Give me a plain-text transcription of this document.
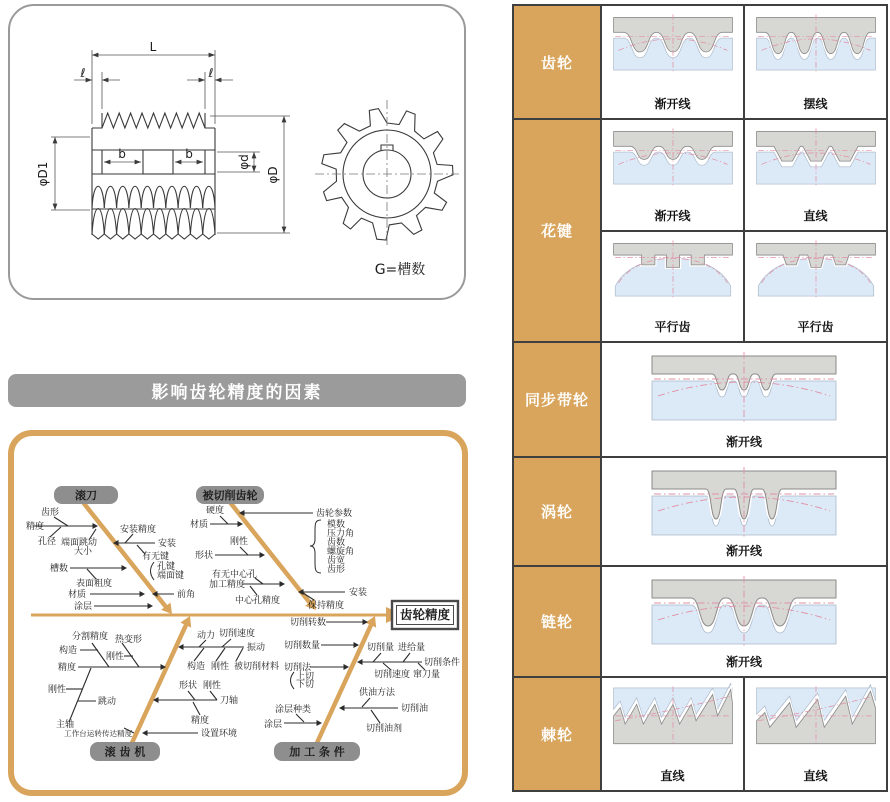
L
ℓ	ℓ
b	b
φD1	φd
φD
G=槽数
影响齿轮精度的因素
齿形
精度
孔径 端面跳动
大小
安装精度
安装
有无键
孔键
端面键
槽数
表面粗度
材质	前角
涂层
硬度
材质
齿轮参数
模数
压力角
齿数
螺旋角
齿宽
齿形
刚性
形状
有无中心孔
加工精度
中心孔精度
安装
保持精度
分割精度
构造
热变形
刚性
精度
刚性
跳动
主轴
工作台运转传达精度
动力 切削速度
振动
构造 刚性 被切削材料
形状 刚性
刀轴
精度
设置环境
切削转数
切削数量
切削法
上切
下切
切削量 进给量
切削条件
切削速度 窜刀量
供油方法
切削油
切削油剂
涂层
涂层种类
滚刀	被切削齿轮
滚 齿 机	加 工 条 件
齿轮精度
齿轮
渐开线	摆线
花键
渐开线	直线
平行齿	平行齿
同步带轮
渐开线
涡轮
渐开线
链轮
渐开线
棘轮
直线	直线
